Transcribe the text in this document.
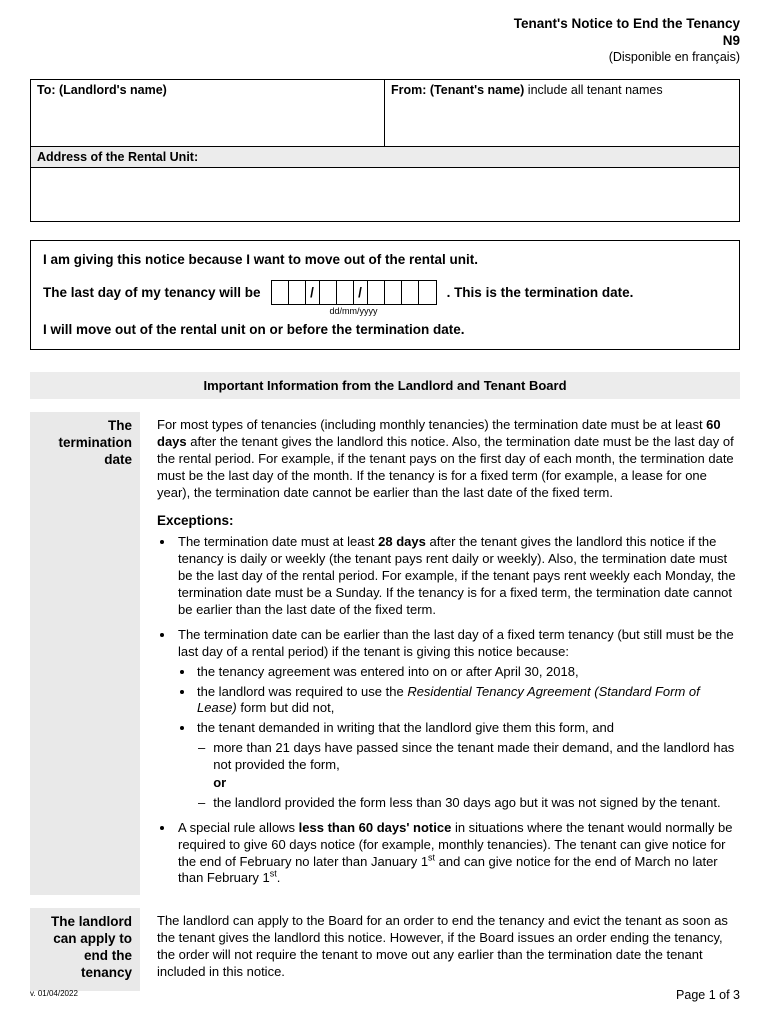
Tenant's Notice to End the Tenancy
N9
(Disponible en français)
To: (Landlord's name)	From: (Tenant's name) include all tenant names
Address of the Rental Unit:
I am giving this notice because I want to move out of the rental unit.
The last day of my tenancy will be	/	/
dd/mm/yyyy
. This is the termination date.
I will move out of the rental unit on or before the termination date.
Important Information from the Landlord and Tenant Board
The termination date

For most types of tenancies (including monthly tenancies) the termination date must be at least 60 days after the tenant gives the landlord this notice. Also, the termination date must be the last day of the rental period. For example, if the tenant pays on the first day of each month, the termination date must be the last day of the month. If the tenancy is for a fixed term (for example, a lease for one year), the termination date cannot be earlier than the last date of the fixed term.

Exceptions:

• The termination date must at least 28 days after the tenant gives the landlord this notice if the tenancy is daily or weekly (the tenant pays rent daily or weekly). Also, the termination date must be the last day of the rental period. For example, if the tenant pays rent weekly each Monday, the termination date must be a Sunday. If the tenancy is for a fixed term, the termination date cannot be earlier than the last date of the fixed term.
• The termination date can be earlier than the last day of a fixed term tenancy (but still must be the last day of a rental period) if the tenant is giving this notice because:
• the tenancy agreement was entered into on or after April 30, 2018,
• the landlord was required to use the Residential Tenancy Agreement (Standard Form of Lease) form but did not,
• the tenant demanded in writing that the landlord give them this form, and
– more than 21 days have passed since the tenant made their demand, and the landlord has not provided the form,
or
– the landlord provided the form less than 30 days ago but it was not signed by the tenant.
• A special rule allows less than 60 days' notice in situations where the tenant would normally be required to give 60 days notice (for example, monthly tenancies). The tenant can give notice for the end of February no later than January 1st and can give notice for the end of March no later than February 1st.
The landlord can apply to end the tenancy

The landlord can apply to the Board for an order to end the tenancy and evict the tenant as soon as the tenant gives the landlord this notice. However, if the Board issues an order ending the tenancy, the order will not require the tenant to move out any earlier than the termination date the tenant included in this notice.

v. 01/04/2022	Page 1 of 3
